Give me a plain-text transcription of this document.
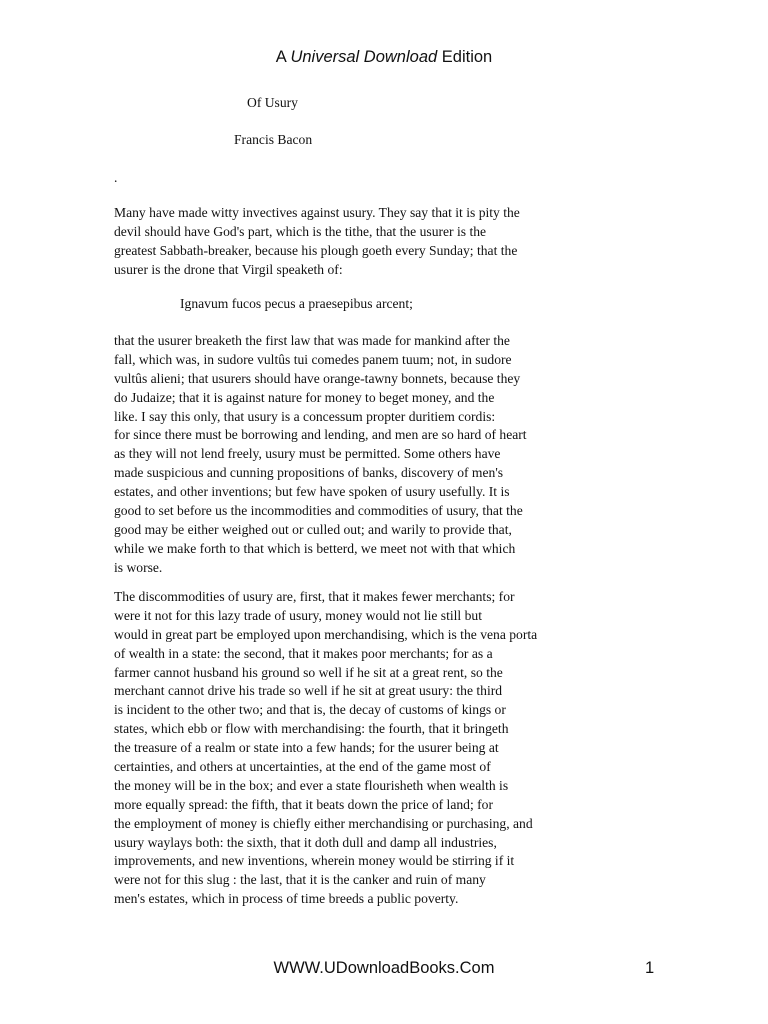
A Universal Download Edition
Of Usury
Francis Bacon
.
Many have made witty invectives against usury. They say that it is pity the
devil should have God's part, which is the tithe, that the usurer is the
greatest Sabbath-breaker, because his plough goeth every Sunday; that the
usurer is the drone that Virgil speaketh of:
Ignavum fucos pecus a praesepibus arcent;
that the usurer breaketh the first law that was made for mankind after the
fall, which was, in sudore vultûs tui comedes panem tuum; not, in sudore
vultûs alieni; that usurers should have orange-tawny bonnets, because they
do Judaize; that it is against nature for money to beget money, and the
like. I say this only, that usury is a concessum propter duritiem cordis:
for since there must be borrowing and lending, and men are so hard of heart
as they will not lend freely, usury must be permitted. Some others have
made suspicious and cunning propositions of banks, discovery of men's
estates, and other inventions; but few have spoken of usury usefully. It is
good to set before us the incommodities and commodities of usury, that the
good may be either weighed out or culled out; and warily to provide that,
while we make forth to that which is betterd, we meet not with that which
is worse.
The discommodities of usury are, first, that it makes fewer merchants; for
were it not for this lazy trade of usury, money would not lie still but
would in great part be employed upon merchandising, which is the vena porta
of wealth in a state: the second, that it makes poor merchants; for as a
farmer cannot husband his ground so well if he sit at a great rent, so the
merchant cannot drive his trade so well if he sit at great usury: the third
is incident to the other two; and that is, the decay of customs of kings or
states, which ebb or flow with merchandising: the fourth, that it bringeth
the treasure of a realm or state into a few hands; for the usurer being at
certainties, and others at uncertainties, at the end of the game most of
the money will be in the box; and ever a state flourisheth when wealth is
more equally spread: the fifth, that it beats down the price of land; for
the employment of money is chiefly either merchandising or purchasing, and
usury waylays both: the sixth, that it doth dull and damp all industries,
improvements, and new inventions, wherein money would be stirring if it
were not for this slug : the last, that it is the canker and ruin of many
men's estates, which in process of time breeds a public poverty.
WWW.UDownloadBooks.Com	1
